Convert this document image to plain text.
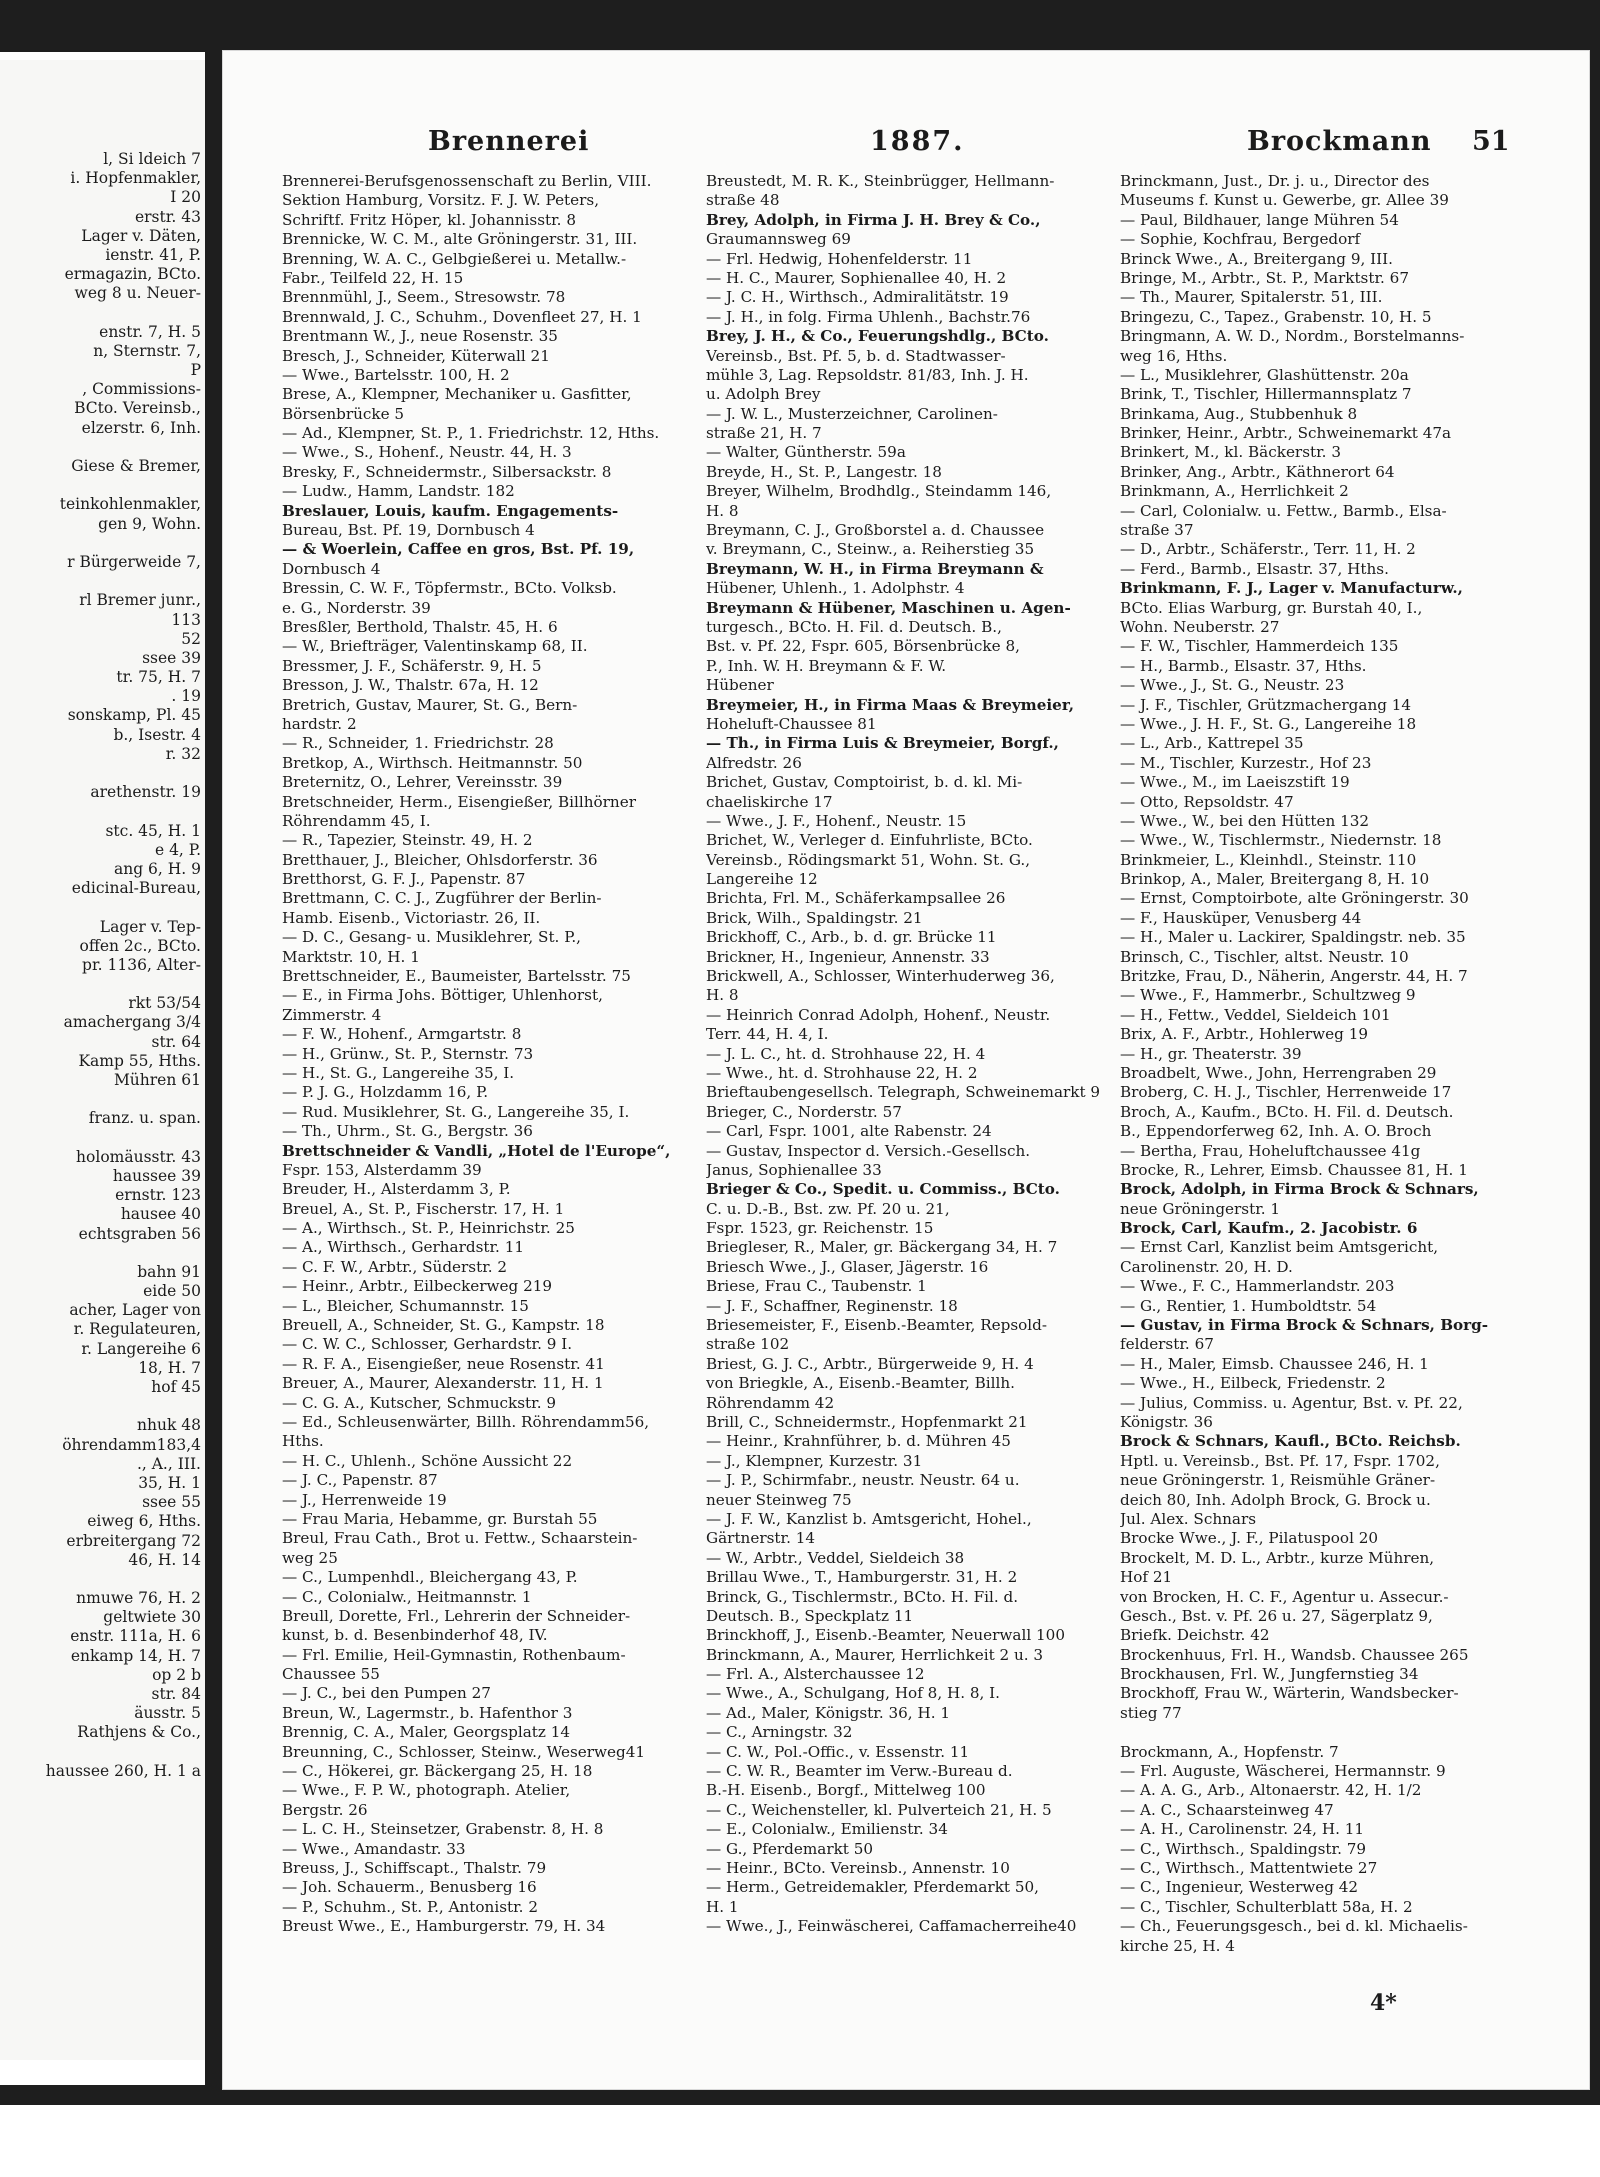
l, Si ldeich 7
i. Hopfenmakler,
I 20
erstr. 43
Lager v. Däten,
ienstr. 41, P.
ermagazin, BCto.
weg 8 u. Neuer-
enstr. 7, H. 5
n, Sternstr. 7,
P
, Commissions-
BCto. Vereinsb.,
elzerstr. 6, Inh.
Giese & Bremer,
teinkohlenmakler,
gen 9, Wohn.
r Bürgerweide 7,
rl Bremer junr.,
113
52
ssee 39
tr. 75, H. 7
. 19
sonskamp, Pl. 45
b., Isestr. 4
r. 32
arethenstr. 19
stc. 45, H. 1
e 4, P.
ang 6, H. 9
edicinal-Bureau,
Lager v. Tep-
offen 2c., BCto.
pr. 1136, Alter-
rkt 53/54
amachergang 3/4
str. 64
Kamp 55, Hths.
Mühren 61
franz. u. span.
holomäusstr. 43
haussee 39
ernstr. 123
hausee 40
echtsgraben 56
bahn 91
eide 50
acher, Lager von
r. Regulateuren,
r. Langereihe 6
18, H. 7
hof 45
nhuk 48
öhrendamm183,4
., A., III.
35, H. 1
ssee 55
eiweg 6, Hths.
erbreitergang 72
46, H. 14
nmuwe 76, H. 2
geltwiete 30
enstr. 111a, H. 6
enkamp 14, H. 7
op 2 b
str. 84
äusstr. 5
Rathjens & Co.,
haussee 260, H. 1 a
Brennerei	1887.	Brockmann 51
Brennerei-Berufsgenossenschaft zu Berlin, VIII.
Sektion Hamburg, Vorsitz. F. J. W. Peters,
Schriftf. Fritz Höper, kl. Johannisstr. 8
Brennicke, W. C. M., alte Gröningerstr. 31, III.
Brenning, W. A. C., Gelbgießerei u. Metallw.-
Fabr., Teilfeld 22, H. 15
Brennmühl, J., Seem., Stresowstr. 78
Brennwald, J. C., Schuhm., Dovenfleet 27, H. 1
Brentmann W., J., neue Rosenstr. 35
Bresch, J., Schneider, Küterwall 21
— Wwe., Bartelsstr. 100, H. 2
Brese, A., Klempner, Mechaniker u. Gasfitter,
Börsenbrücke 5
— Ad., Klempner, St. P., 1. Friedrichstr. 12, Hths.
— Wwe., S., Hohenf., Neustr. 44, H. 3
Bresky, F., Schneidermstr., Silbersackstr. 8
— Ludw., Hamm, Landstr. 182
Breslauer, Louis, kaufm. Engagements-
Bureau, Bst. Pf. 19, Dornbusch 4
— & Woerlein, Caffee en gros, Bst. Pf. 19,
Dornbusch 4
Bressin, C. W. F., Töpfermstr., BCto. Volksb.
e. G., Norderstr. 39
Bresßler, Berthold, Thalstr. 45, H. 6
— W., Briefträger, Valentinskamp 68, II.
Bressmer, J. F., Schäferstr. 9, H. 5
Bresson, J. W., Thalstr. 67a, H. 12
Bretrich, Gustav, Maurer, St. G., Bern-
hardstr. 2
— R., Schneider, 1. Friedrichstr. 28
Bretkop, A., Wirthsch. Heitmannstr. 50
Breternitz, O., Lehrer, Vereinsstr. 39
Bretschneider, Herm., Eisengießer, Billhörner
Röhrendamm 45, I.
— R., Tapezier, Steinstr. 49, H. 2
Bretthauer, J., Bleicher, Ohlsdorferstr. 36
Bretthorst, G. F. J., Papenstr. 87
Brettmann, C. C. J., Zugführer der Berlin-
Hamb. Eisenb., Victoriastr. 26, II.
— D. C., Gesang- u. Musiklehrer, St. P.,
Marktstr. 10, H. 1
Brettschneider, E., Baumeister, Bartelsstr. 75
— E., in Firma Johs. Böttiger, Uhlenhorst,
Zimmerstr. 4
— F. W., Hohenf., Armgartstr. 8
— H., Grünw., St. P., Sternstr. 73
— H., St. G., Langereihe 35, I.
— P. J. G., Holzdamm 16, P.
— Rud. Musiklehrer, St. G., Langereihe 35, I.
— Th., Uhrm., St. G., Bergstr. 36
Brettschneider & Vandli, „Hotel de l'Europe“,
Fspr. 153, Alsterdamm 39
Breuder, H., Alsterdamm 3, P.
Breuel, A., St. P., Fischerstr. 17, H. 1
— A., Wirthsch., St. P., Heinrichstr. 25
— A., Wirthsch., Gerhardstr. 11
— C. F. W., Arbtr., Süderstr. 2
— Heinr., Arbtr., Eilbeckerweg 219
— L., Bleicher, Schumannstr. 15
Breuell, A., Schneider, St. G., Kampstr. 18
— C. W. C., Schlosser, Gerhardstr. 9 I.
— R. F. A., Eisengießer, neue Rosenstr. 41
Breuer, A., Maurer, Alexanderstr. 11, H. 1
— C. G. A., Kutscher, Schmuckstr. 9
— Ed., Schleusenwärter, Billh. Röhrendamm56,
Hths.
— H. C., Uhlenh., Schöne Aussicht 22
— J. C., Papenstr. 87
— J., Herrenweide 19
— Frau Maria, Hebamme, gr. Burstah 55
Breul, Frau Cath., Brot u. Fettw., Schaarstein-
weg 25
— C., Lumpenhdl., Bleichergang 43, P.
— C., Colonialw., Heitmannstr. 1
Breull, Dorette, Frl., Lehrerin der Schneider-
kunst, b. d. Besenbinderhof 48, IV.
— Frl. Emilie, Heil-Gymnastin, Rothenbaum-
Chaussee 55
— J. C., bei den Pumpen 27
Breun, W., Lagermstr., b. Hafenthor 3
Brennig, C. A., Maler, Georgsplatz 14
Breunning, C., Schlosser, Steinw., Weserweg41
— C., Hökerei, gr. Bäckergang 25, H. 18
— Wwe., F. P. W., photograph. Atelier,
Bergstr. 26
— L. C. H., Steinsetzer, Grabenstr. 8, H. 8
— Wwe., Amandastr. 33
Breuss, J., Schiffscapt., Thalstr. 79
— Joh. Schauerm., Benusberg 16
— P., Schuhm., St. P., Antonistr. 2
Breust Wwe., E., Hamburgerstr. 79, H. 34
Breustedt, M. R. K., Steinbrügger, Hellmann-
straße 48
Brey, Adolph, in Firma J. H. Brey & Co.,
Graumannsweg 69
— Frl. Hedwig, Hohenfelderstr. 11
— H. C., Maurer, Sophienallee 40, H. 2
— J. C. H., Wirthsch., Admiralitätstr. 19
— J. H., in folg. Firma Uhlenh., Bachstr.76
Brey, J. H., & Co., Feuerungshdlg., BCto.
Vereinsb., Bst. Pf. 5, b. d. Stadtwasser-
mühle 3, Lag. Repsoldstr. 81/83, Inh. J. H.
u. Adolph Brey
— J. W. L., Musterzeichner, Carolinen-
straße 21, H. 7
— Walter, Güntherstr. 59a
Breyde, H., St. P., Langestr. 18
Breyer, Wilhelm, Brodhdlg., Steindamm 146,
H. 8
Breymann, C. J., Großborstel a. d. Chaussee
v. Breymann, C., Steinw., a. Reiherstieg 35
Breymann, W. H., in Firma Breymann &
Hübener, Uhlenh., 1. Adolphstr. 4
Breymann & Hübener, Maschinen u. Agen-
turgesch., BCto. H. Fil. d. Deutsch. B.,
Bst. v. Pf. 22, Fspr. 605, Börsenbrücke 8,
P., Inh. W. H. Breymann & F. W.
Hübener
Breymeier, H., in Firma Maas & Breymeier,
Hoheluft-Chaussee 81
— Th., in Firma Luis & Breymeier, Borgf.,
Alfredstr. 26
Brichet, Gustav, Comptoirist, b. d. kl. Mi-
chaeliskirche 17
— Wwe., J. F., Hohenf., Neustr. 15
Brichet, W., Verleger d. Einfuhrliste, BCto.
Vereinsb., Rödingsmarkt 51, Wohn. St. G.,
Langereihe 12
Brichta, Frl. M., Schäferkampsallee 26
Brick, Wilh., Spaldingstr. 21
Brickhoff, C., Arb., b. d. gr. Brücke 11
Brickner, H., Ingenieur, Annenstr. 33
Brickwell, A., Schlosser, Winterhuderweg 36,
H. 8
— Heinrich Conrad Adolph, Hohenf., Neustr.
Terr. 44, H. 4, I.
— J. L. C., ht. d. Strohhause 22, H. 4
— Wwe., ht. d. Strohhause 22, H. 2
Brieftaubengesellsch. Telegraph, Schweinemarkt 9
Brieger, C., Norderstr. 57
— Carl, Fspr. 1001, alte Rabenstr. 24
— Gustav, Inspector d. Versich.-Gesellsch.
Janus, Sophienallee 33
Brieger & Co., Spedit. u. Commiss., BCto.
C. u. D.-B., Bst. zw. Pf. 20 u. 21,
Fspr. 1523, gr. Reichenstr. 15
Briegleser, R., Maler, gr. Bäckergang 34, H. 7
Briesch Wwe., J., Glaser, Jägerstr. 16
Briese, Frau C., Taubenstr. 1
— J. F., Schaffner, Reginenstr. 18
Briesemeister, F., Eisenb.-Beamter, Repsold-
straße 102
Briest, G. J. C., Arbtr., Bürgerweide 9, H. 4
von Briegkle, A., Eisenb.-Beamter, Billh.
Röhrendamm 42
Brill, C., Schneidermstr., Hopfenmarkt 21
— Heinr., Krahnführer, b. d. Mühren 45
— J., Klempner, Kurzestr. 31
— J. P., Schirmfabr., neustr. Neustr. 64 u.
neuer Steinweg 75
— J. F. W., Kanzlist b. Amtsgericht, Hohel.,
Gärtnerstr. 14
— W., Arbtr., Veddel, Sieldeich 38
Brillau Wwe., T., Hamburgerstr. 31, H. 2
Brinck, G., Tischlermstr., BCto. H. Fil. d.
Deutsch. B., Speckplatz 11
Brinckhoff, J., Eisenb.-Beamter, Neuerwall 100
Brinckmann, A., Maurer, Herrlichkeit 2 u. 3
— Frl. A., Alsterchaussee 12
— Wwe., A., Schulgang, Hof 8, H. 8, I.
— Ad., Maler, Königstr. 36, H. 1
— C., Arningstr. 32
— C. W., Pol.-Offic., v. Essenstr. 11
— C. W. R., Beamter im Verw.-Bureau d.
B.-H. Eisenb., Borgf., Mittelweg 100
— C., Weichensteller, kl. Pulverteich 21, H. 5
— E., Colonialw., Emilienstr. 34
— G., Pferdemarkt 50
— Heinr., BCto. Vereinsb., Annenstr. 10
— Herm., Getreidemakler, Pferdemarkt 50,
H. 1
— Wwe., J., Feinwäscherei, Caffamacherreihe40
Brinckmann, Just., Dr. j. u., Director des
Museums f. Kunst u. Gewerbe, gr. Allee 39
— Paul, Bildhauer, lange Mühren 54
— Sophie, Kochfrau, Bergedorf
Brinck Wwe., A., Breitergang 9, III.
Bringe, M., Arbtr., St. P., Marktstr. 67
— Th., Maurer, Spitalerstr. 51, III.
Bringezu, C., Tapez., Grabenstr. 10, H. 5
Bringmann, A. W. D., Nordm., Borstelmanns-
weg 16, Hths.
— L., Musiklehrer, Glashüttenstr. 20a
Brink, T., Tischler, Hillermannsplatz 7
Brinkama, Aug., Stubbenhuk 8
Brinker, Heinr., Arbtr., Schweinemarkt 47a
Brinkert, M., kl. Bäckerstr. 3
Brinker, Ang., Arbtr., Käthnerort 64
Brinkmann, A., Herrlichkeit 2
— Carl, Colonialw. u. Fettw., Barmb., Elsa-
straße 37
— D., Arbtr., Schäferstr., Terr. 11, H. 2
— Ferd., Barmb., Elsastr. 37, Hths.
Brinkmann, F. J., Lager v. Manufacturw.,
BCto. Elias Warburg, gr. Burstah 40, I.,
Wohn. Neuberstr. 27
— F. W., Tischler, Hammerdeich 135
— H., Barmb., Elsastr. 37, Hths.
— Wwe., J., St. G., Neustr. 23
— J. F., Tischler, Grützmachergang 14
— Wwe., J. H. F., St. G., Langereihe 18
— L., Arb., Kattrepel 35
— M., Tischler, Kurzestr., Hof 23
— Wwe., M., im Laeiszstift 19
— Otto, Repsoldstr. 47
— Wwe., W., bei den Hütten 132
— Wwe., W., Tischlermstr., Niedernstr. 18
Brinkmeier, L., Kleinhdl., Steinstr. 110
Brinkop, A., Maler, Breitergang 8, H. 10
— Ernst, Comptoirbote, alte Gröningerstr. 30
— F., Hausküper, Venusberg 44
— H., Maler u. Lackirer, Spaldingstr. neb. 35
Brinsch, C., Tischler, altst. Neustr. 10
Britzke, Frau, D., Näherin, Angerstr. 44, H. 7
— Wwe., F., Hammerbr., Schultzweg 9
— H., Fettw., Veddel, Sieldeich 101
Brix, A. F., Arbtr., Hohlerweg 19
— H., gr. Theaterstr. 39
Broadbelt, Wwe., John, Herrengraben 29
Broberg, C. H. J., Tischler, Herrenweide 17
Broch, A., Kaufm., BCto. H. Fil. d. Deutsch.
B., Eppendorferweg 62, Inh. A. O. Broch
— Bertha, Frau, Hoheluftchaussee 41g
Brocke, R., Lehrer, Eimsb. Chaussee 81, H. 1
Brock, Adolph, in Firma Brock & Schnars,
neue Gröningerstr. 1
Brock, Carl, Kaufm., 2. Jacobistr. 6
— Ernst Carl, Kanzlist beim Amtsgericht,
Carolinenstr. 20, H. D.
— Wwe., F. C., Hammerlandstr. 203
— G., Rentier, 1. Humboldtstr. 54
— Gustav, in Firma Brock & Schnars, Borg-
felderstr. 67
— H., Maler, Eimsb. Chaussee 246, H. 1
— Wwe., H., Eilbeck, Friedenstr. 2
— Julius, Commiss. u. Agentur, Bst. v. Pf. 22,
Königstr. 36
Brock & Schnars, Kaufl., BCto. Reichsb.
Hptl. u. Vereinsb., Bst. Pf. 17, Fspr. 1702,
neue Gröningerstr. 1, Reismühle Gräner-
deich 80, Inh. Adolph Brock, G. Brock u.
Jul. Alex. Schnars
Brocke Wwe., J. F., Pilatuspool 20
Brockelt, M. D. L., Arbtr., kurze Mühren,
Hof 21
von Brocken, H. C. F., Agentur u. Assecur.-
Gesch., Bst. v. Pf. 26 u. 27, Sägerplatz 9,
Briefk. Deichstr. 42
Brockenhuus, Frl. H., Wandsb. Chaussee 265
Brockhausen, Frl. W., Jungfernstieg 34
Brockhoff, Frau W., Wärterin, Wandsbecker-
stieg 77
Brockmann, A., Hopfenstr. 7
— Frl. Auguste, Wäscherei, Hermannstr. 9
— A. A. G., Arb., Altonaerstr. 42, H. 1/2
— A. C., Schaarsteinweg 47
— A. H., Carolinenstr. 24, H. 11
— C., Wirthsch., Spaldingstr. 79
— C., Wirthsch., Mattentwiete 27
— C., Ingenieur, Westerweg 42
— C., Tischler, Schulterblatt 58a, H. 2
— Ch., Feuerungsgesch., bei d. kl. Michaelis-
kirche 25, H. 4
4*
